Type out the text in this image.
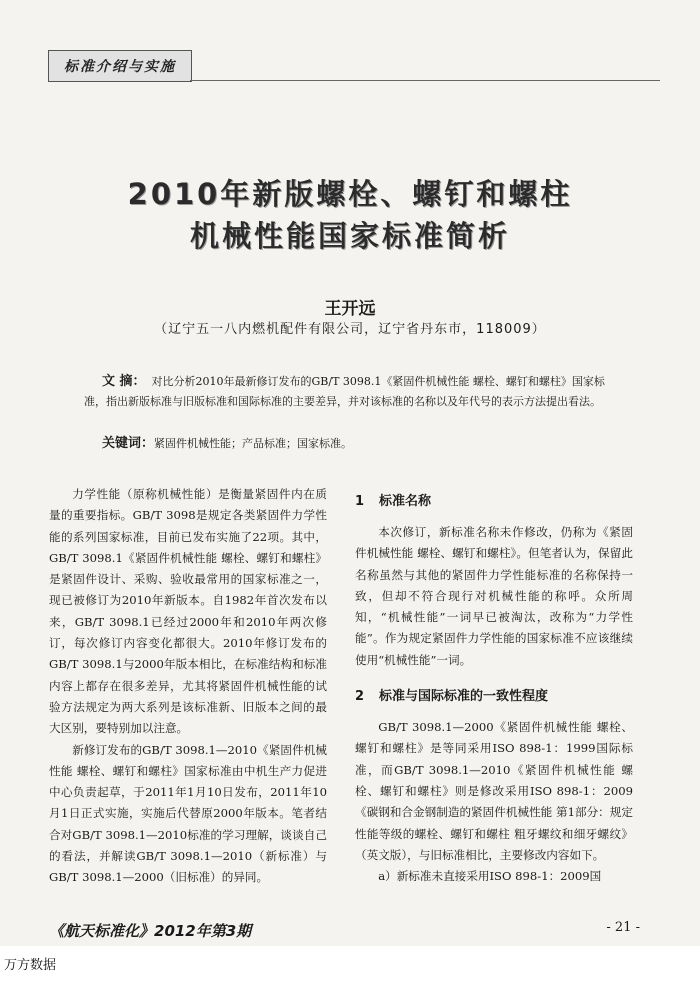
标准介绍与实施
2010年新版螺栓、螺钉和螺柱
机械性能国家标准简析
王开远
（辽宁五一八内燃机配件有限公司，辽宁省丹东市，118009）
文 摘： 对比分析2010年最新修订发布的GB/T 3098.1《紧固件机械性能 螺栓、螺钉和螺柱》国家标准，指出新版标准与旧版标准和国际标准的主要差异，并对该标准的名称以及年代号的表示方法提出看法。
关键词：紧固件机械性能；产品标准；国家标准。

力学性能（原称机械性能）是衡量紧固件内在质量的重要指标。GB/T 3098是规定各类紧固件力学性能的系列国家标准，目前已发布实施了22项。其中，GB/T 3098.1《紧固件机械性能 螺栓、螺钉和螺柱》是紧固件设计、采购、验收最常用的国家标准之一，现已被修订为2010年新版本。自1982年首次发布以来，GB/T 3098.1已经过2000年和2010年两次修订，每次修订内容变化都很大。2010年修订发布的GB/T 3098.1与2000年版本相比，在标准结构和标准内容上都存在很多差异，尤其将紧固件机械性能的试验方法规定为两大系列是该标准新、旧版本之间的最大区别，要特别加以注意。

新修订发布的GB/T 3098.1—2010《紧固件机械性能 螺栓、螺钉和螺柱》国家标准由中机生产力促进中心负责起草，于2011年1月10日发布，2011年10月1日正式实施，实施后代替原2000年版本。笔者结合对GB/T 3098.1—2010标准的学习理解，谈谈自己的看法，并解读GB/T 3098.1—2010（新标准）与GB/T 3098.1—2000（旧标准）的异同。

1 标准名称

本次修订，新标准名称未作修改，仍称为《紧固件机械性能 螺栓、螺钉和螺柱》。但笔者认为，保留此名称虽然与其他的紧固件力学性能标准的名称保持一致，但却不符合现行对机械性能的称呼。众所周知，“机械性能”一词早已被淘汰，改称为“力学性能”。作为规定紧固件力学性能的国家标准不应该继续使用“机械性能”一词。

2 标准与国际标准的一致性程度

GB/T 3098.1—2000《紧固件机械性能 螺栓、螺钉和螺柱》是等同采用ISO 898-1：1999国际标准，而GB/T 3098.1—2010《紧固件机械性能 螺栓、螺钉和螺柱》则是修改采用ISO 898-1：2009《碳钢和合金钢制造的紧固件机械性能 第1部分：规定性能等级的螺栓、螺钉和螺柱 粗牙螺纹和细牙螺纹》（英文版），与旧标准相比，主要修改内容如下。

a）新标准未直接采用ISO 898-1：2009国

《航天标准化》2012年第3期	- 21 -
万方数据
